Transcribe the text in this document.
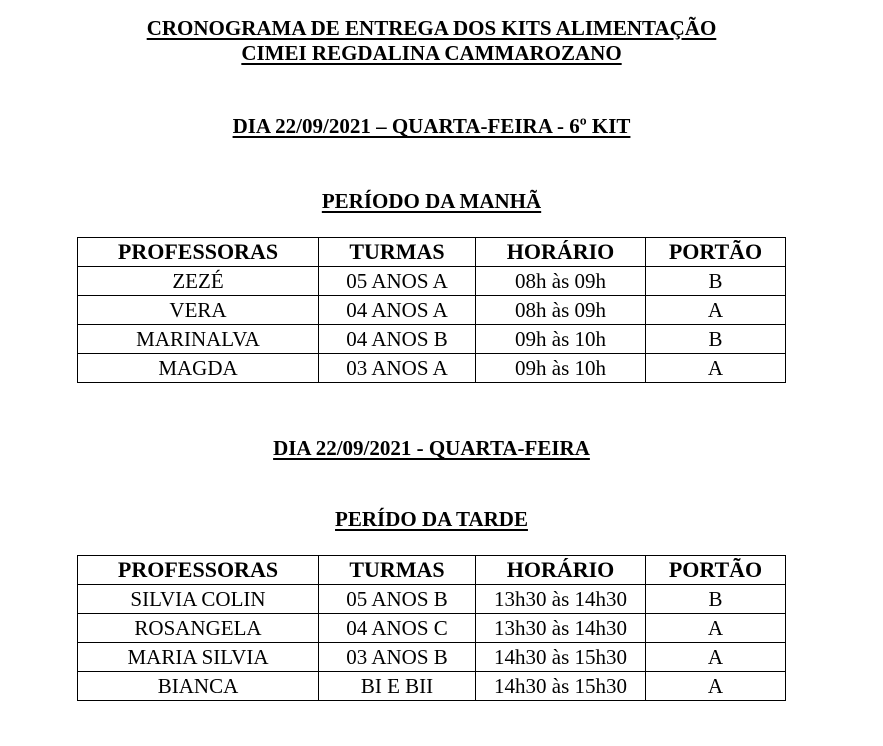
CRONOGRAMA DE ENTREGA DOS KITS ALIMENTAÇÃO
CIMEI REGDALINA CAMMAROZANO
DIA 22/09/2021 – QUARTA-FEIRA - 6º KIT
PERÍODO DA MANHÃ
PROFESSORAS	TURMAS	HORÁRIO	PORTÃO
ZEZÉ	05 ANOS A	08h às 09h	B
VERA	04 ANOS A	08h às 09h	A
MARINALVA	04 ANOS B	09h às 10h	B
MAGDA	03 ANOS A	09h às 10h	A
DIA 22/09/2021 - QUARTA-FEIRA
PERÍDO DA TARDE
PROFESSORAS	TURMAS	HORÁRIO	PORTÃO
SILVIA COLIN	05 ANOS B	13h30 às 14h30	B
ROSANGELA	04 ANOS C	13h30 às 14h30	A
MARIA SILVIA	03 ANOS B	14h30 às 15h30	A
BIANCA	BI E BII	14h30 às 15h30	A
